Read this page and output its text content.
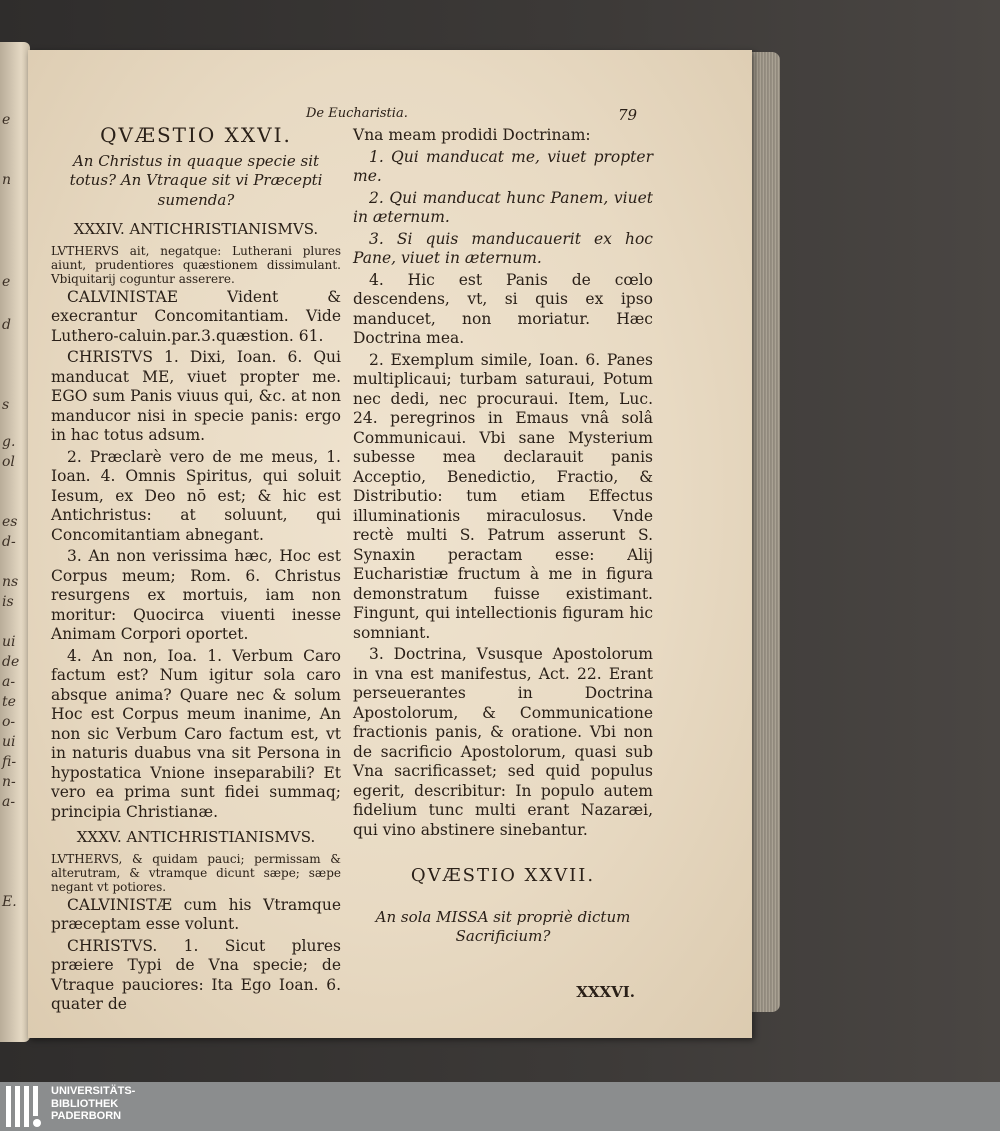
e
n
e
d
s
g.
ol
es
d-
ns
is
ui
de
a-
te
o-
ui
fi-
n-
a-
E.
De Eucharistia.	79

QVÆSTIO XXVI.

An Christus in quaque specie sit totus? An Vtraque sit vi Præcepti sumenda?

XXXIV. ANTICHRISTIANISMVS.

LVTHERVS ait, negatque: Lutherani plures aiunt, prudentiores quæstionem dissimulant. Vbiquitarij coguntur asserere.

CALVINISTAE Vident & execrantur Concomitantiam. Vide Luthero-caluin.par.3.quæstion. 61.

CHRISTVS 1. Dixi, Ioan. 6. Qui manducat ME, viuet propter me. EGO sum Panis viuus qui, &c. at non manducor nisi in specie panis: ergo in hac totus adsum.

2. Præclarè vero de me meus, 1. Ioan. 4. Omnis Spiritus, qui soluit Iesum, ex Deo nō est; & hic est Antichristus: at soluunt, qui Concomitantiam abnegant.

3. An non verissima hæc, Hoc est Corpus meum; Rom. 6. Christus resurgens ex mortuis, iam non moritur: Quocirca viuenti inesse Animam Corpori oportet.

4. An non, Ioa. 1. Verbum Caro factum est? Num igitur sola caro absque anima? Quare nec & solum Hoc est Corpus meum inanime, An non sic Verbum Caro factum est, vt in naturis duabus vna sit Persona in hypostatica Vnione inseparabili? Et vero ea prima sunt fidei summaq; principia Christianæ.

XXXV. ANTICHRISTIANISMVS.

LVTHERVS, & quidam pauci; permissam & alterutram, & vtramque dicunt sæpe; sæpe negant vt potiores.

CALVINISTÆ cum his Vtramque præceptam esse volunt.

CHRISTVS. 1. Sicut plures præiere Typi de Vna specie; de Vtraque pauciores: Ita Ego Ioan. 6. quater de

Vna meam prodidi Doctrinam:

1. Qui manducat me, viuet propter me.

2. Qui manducat hunc Panem, viuet in æternum.

3. Si quis manducauerit ex hoc Pane, viuet in æternum.

4. Hic est Panis de cœlo descendens, vt, si quis ex ipso manducet, non moriatur. Hæc Doctrina mea.

2. Exemplum simile, Ioan. 6. Panes multiplicaui; turbam saturaui, Potum nec dedi, nec procuraui. Item, Luc. 24. peregrinos in Emaus vnâ solâ Communicaui. Vbi sane Mysterium subesse mea declarauit panis Acceptio, Benedictio, Fractio, & Distributio: tum etiam Effectus illuminationis miraculosus. Vnde rectè multi S. Patrum asserunt S. Synaxin peractam esse: Alij Eucharistiæ fructum à me in figura demonstratum fuisse existimant. Fingunt, qui intellectionis figuram hic somniant.

3. Doctrina, Vsusque Apostolorum in vna est manifestus, Act. 22. Erant perseuerantes in Doctrina Apostolorum, & Communicatione fractionis panis, & oratione. Vbi non de sacrificio Apostolorum, quasi sub Vna sacrificasset; sed quid populus egerit, describitur: In populo autem fidelium tunc multi erant Nazaræi, qui vino abstinere sinebantur.

QVÆSTIO XXVII.

An sola MISSA sit propriè dictum Sacrificium?

XXXVI.

UNIVERSITÄTS-
BIBLIOTHEK
PADERBORN
